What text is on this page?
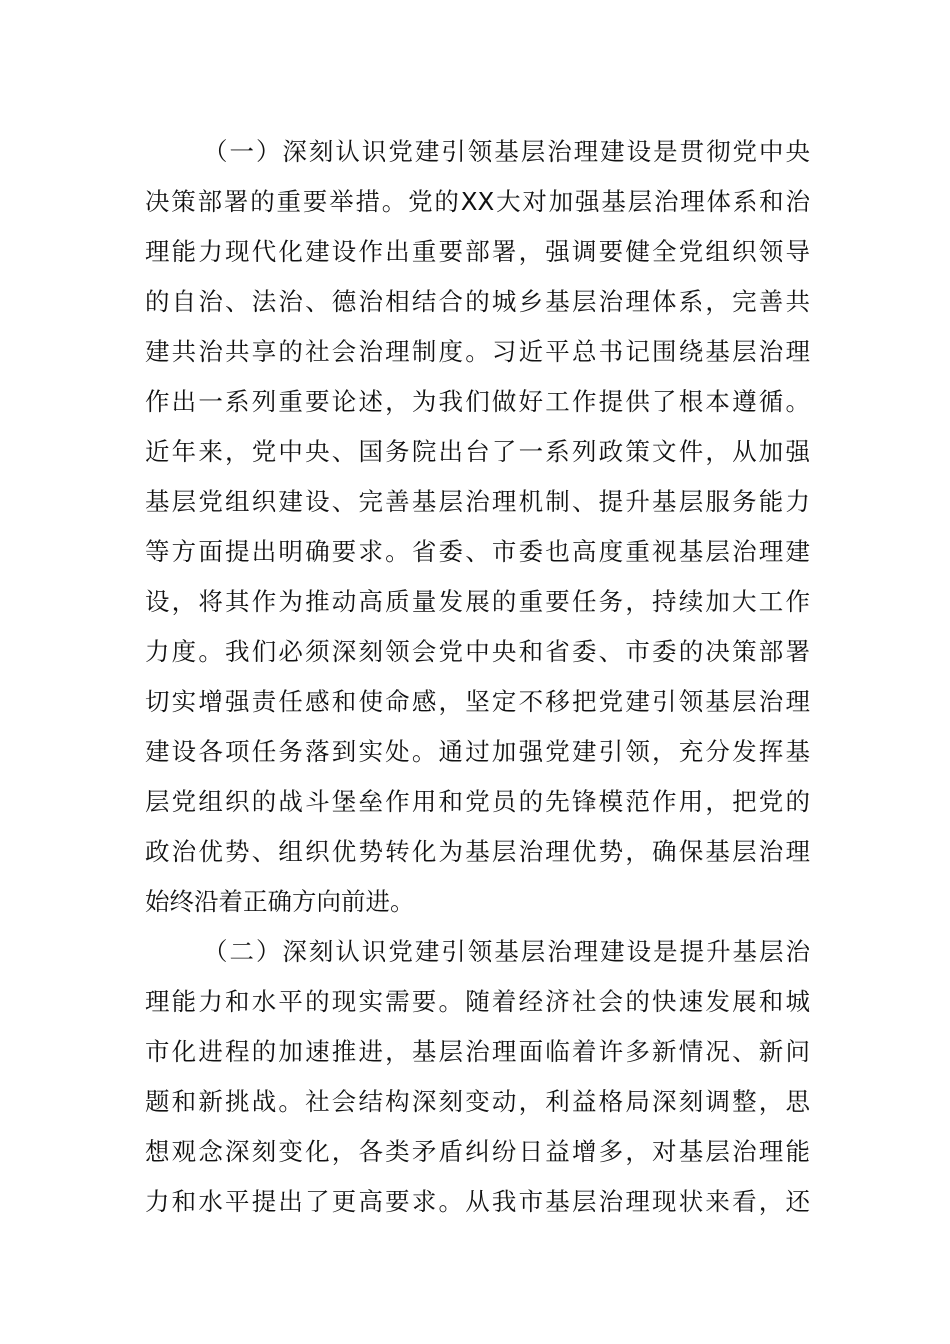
（一）深刻认识党建引领基层治理建设是贯彻党中央
决策部署的重要举措。党的XX大对加强基层治理体系和治
理能力现代化建设作出重要部署，强调要健全党组织领导
的自治、法治、德治相结合的城乡基层治理体系，完善共
建共治共享的社会治理制度。习近平总书记围绕基层治理
作出一系列重要论述，为我们做好工作提供了根本遵循。
近年来，党中央、国务院出台了一系列政策文件，从加强
基层党组织建设、完善基层治理机制、提升基层服务能力
等方面提出明确要求。省委、市委也高度重视基层治理建
设，将其作为推动高质量发展的重要任务，持续加大工作
力度。我们必须深刻领会党中央和省委、市委的决策部署
切实增强责任感和使命感，坚定不移把党建引领基层治理
建设各项任务落到实处。通过加强党建引领，充分发挥基
层党组织的战斗堡垒作用和党员的先锋模范作用，把党的
政治优势、组织优势转化为基层治理优势，确保基层治理
始终沿着正确方向前进。
（二）深刻认识党建引领基层治理建设是提升基层治
理能力和水平的现实需要。随着经济社会的快速发展和城
市化进程的加速推进，基层治理面临着许多新情况、新问
题和新挑战。社会结构深刻变动，利益格局深刻调整，思
想观念深刻变化，各类矛盾纠纷日益增多，对基层治理能
力和水平提出了更高要求。从我市基层治理现状来看，还
